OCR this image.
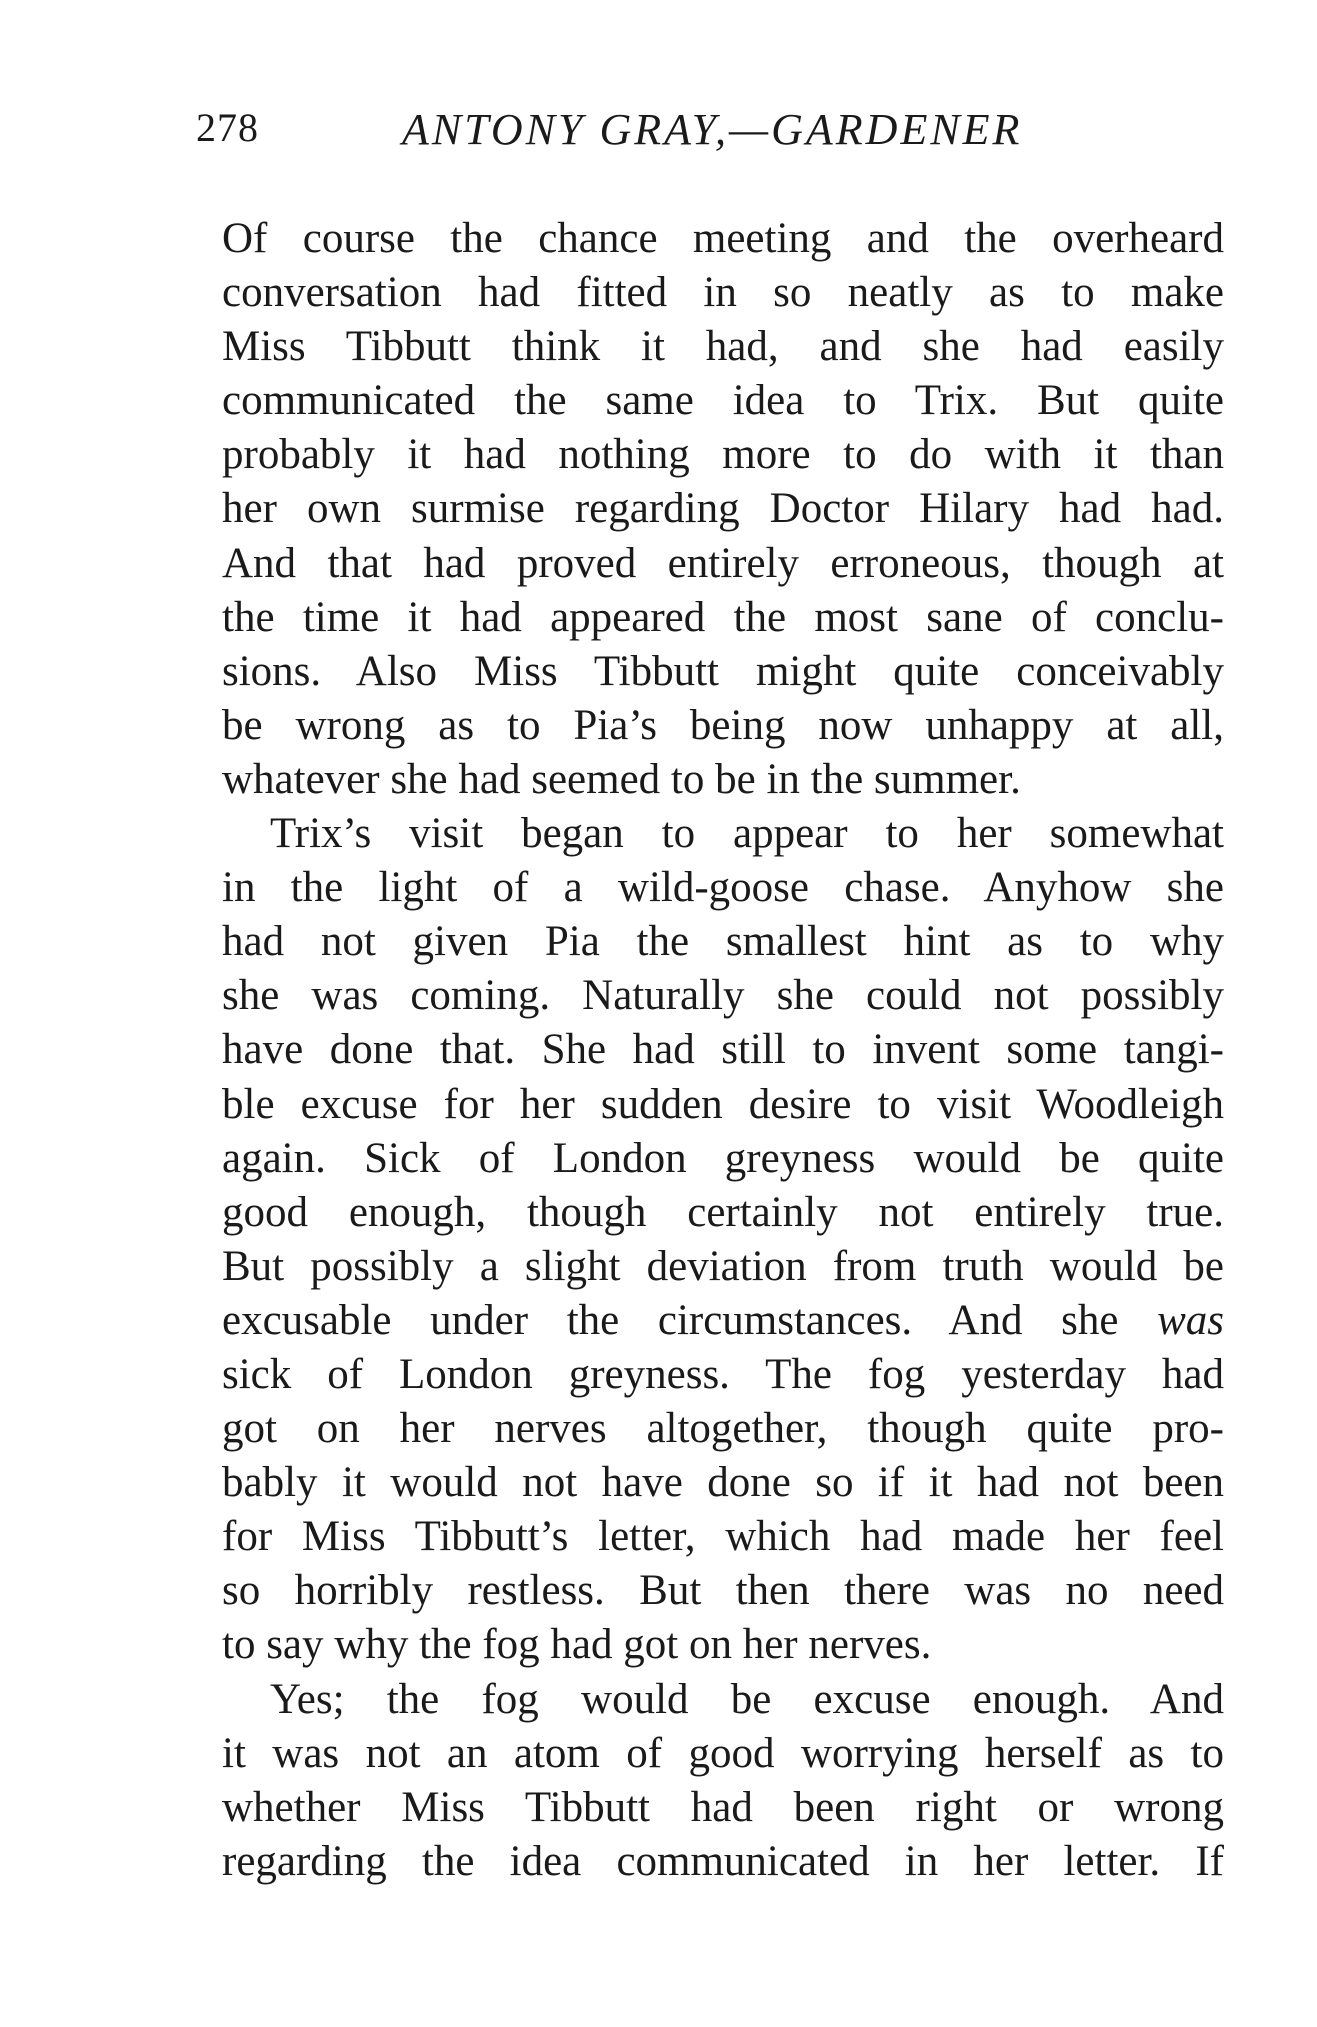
278	ANTONY GRAY,—GARDENER
Of course the chance meeting and the overheard
conversation had fitted in so neatly as to make
Miss Tibbutt think it had, and she had easily
communicated the same idea to Trix. But quite
probably it had nothing more to do with it than
her own surmise regarding Doctor Hilary had had.
And that had proved entirely erroneous, though at
the time it had appeared the most sane of conclu-
sions. Also Miss Tibbutt might quite conceivably
be wrong as to Pia’s being now unhappy at all,
whatever she had seemed to be in the summer.
Trix’s visit began to appear to her somewhat
in the light of a wild-goose chase. Anyhow she
had not given Pia the smallest hint as to why
she was coming. Naturally she could not possibly
have done that. She had still to invent some tangi-
ble excuse for her sudden desire to visit Woodleigh
again. Sick of London greyness would be quite
good enough, though certainly not entirely true.
But possibly a slight deviation from truth would be
excusable under the circumstances. And she was
sick of London greyness. The fog yesterday had
got on her nerves altogether, though quite pro-
bably it would not have done so if it had not been
for Miss Tibbutt’s letter, which had made her feel
so horribly restless. But then there was no need
to say why the fog had got on her nerves.
Yes; the fog would be excuse enough. And
it was not an atom of good worrying herself as to
whether Miss Tibbutt had been right or wrong
regarding the idea communicated in her letter. If
